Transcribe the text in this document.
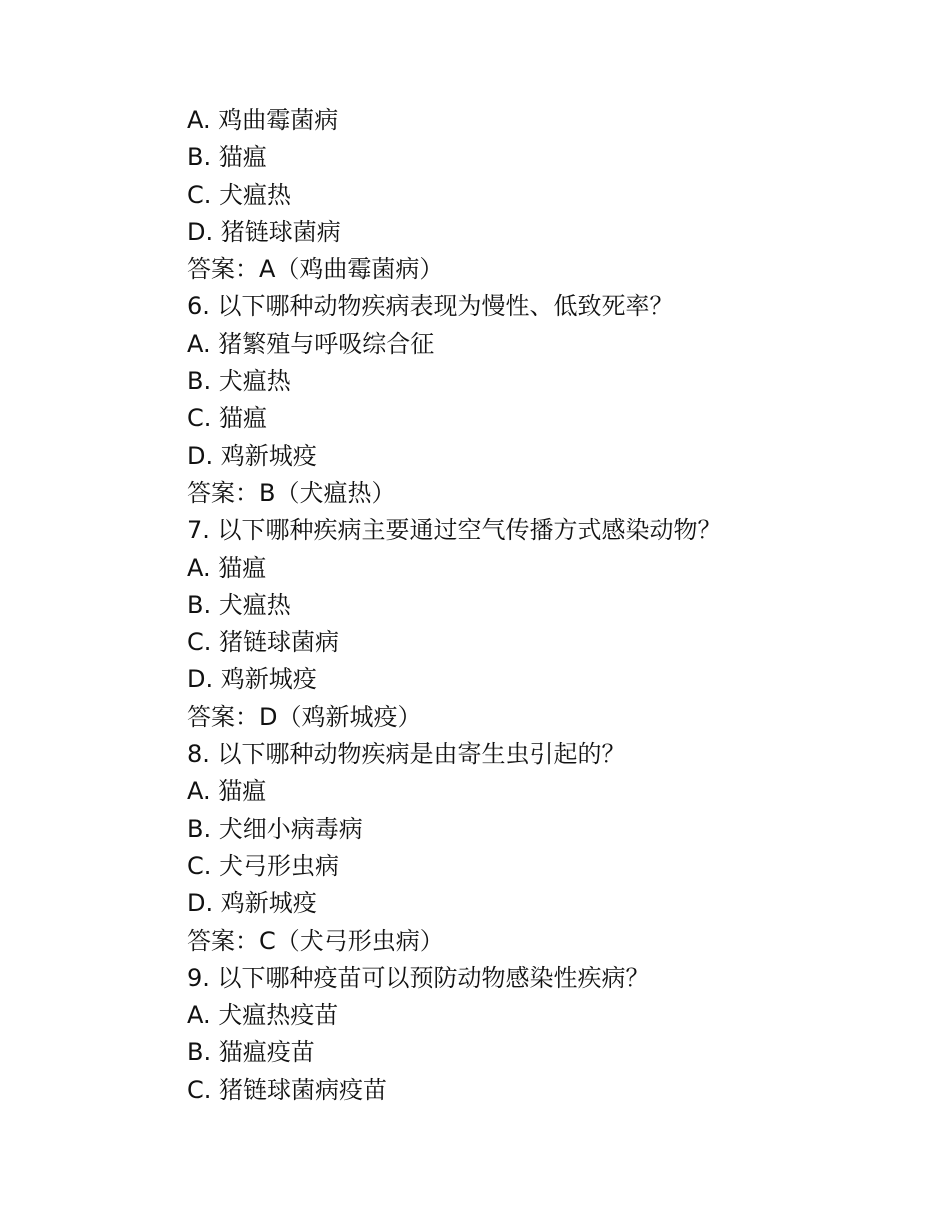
A. 鸡曲霉菌病
B. 猫瘟
C. 犬瘟热
D. 猪链球菌病
答案：A（鸡曲霉菌病）
6. 以下哪种动物疾病表现为慢性、低致死率？
A. 猪繁殖与呼吸综合征
B. 犬瘟热
C. 猫瘟
D. 鸡新城疫
答案：B（犬瘟热）
7. 以下哪种疾病主要通过空气传播方式感染动物？
A. 猫瘟
B. 犬瘟热
C. 猪链球菌病
D. 鸡新城疫
答案：D（鸡新城疫）
8. 以下哪种动物疾病是由寄生虫引起的？
A. 猫瘟
B. 犬细小病毒病
C. 犬弓形虫病
D. 鸡新城疫
答案：C（犬弓形虫病）
9. 以下哪种疫苗可以预防动物感染性疾病？
A. 犬瘟热疫苗
B. 猫瘟疫苗
C. 猪链球菌病疫苗
